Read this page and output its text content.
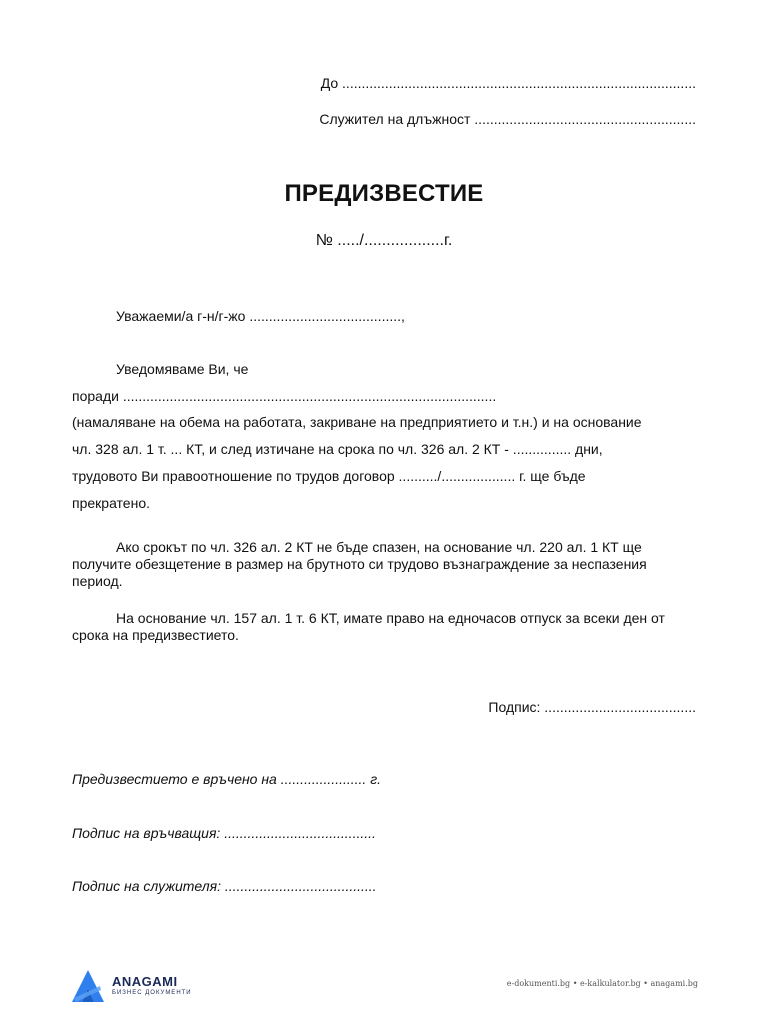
До ...........................................................................................
Служител на длъжност .........................................................
ПРЕДИЗВЕСТИЕ
№ ...../..................г.
Уважаеми/а г-н/г-жо .......................................,
Уведомяваме Ви, че
поради ................................................................................................
(намаляване на обема на работата, закриване на предприятието и т.н.) и на основание
чл. 328 ал. 1 т. ... КТ, и след изтичане на срока по чл. 326 ал. 2 КТ - ............... дни,
трудовото Ви правоотношение по трудов договор ........../................... г. ще бъде
прекратено.
Ако срокът по чл. 326 ал. 2 КТ не бъде спазен, на основание чл. 220 ал. 1 КТ ще получите обезщетение в размер на брутното си трудово възнаграждение за неспазения период.
На основание чл. 157 ал. 1 т. 6 КТ, имате право на едночасов отпуск за всеки ден от срока на предизвестието.
Подпис: .......................................
Предизвестието е връчено на ...................... г.
Подпис на връчващия: .......................................
Подпис на служителя: .......................................
ANAGAMI
БИЗНЕС ДОКУМЕНТИ
e-dokumenti.bg • e-kalkulator.bg • anagami.bg
